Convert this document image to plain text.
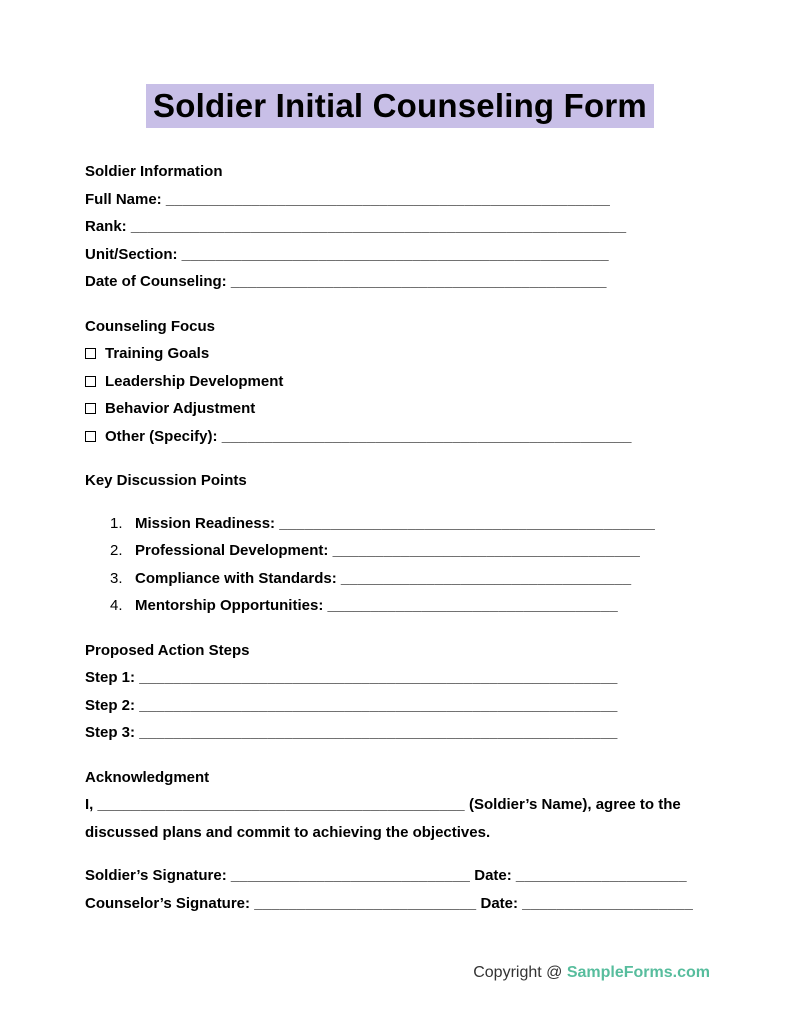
Soldier Initial Counseling Form

Soldier Information

Full Name: ____________________________________________________

Rank: __________________________________________________________

Unit/Section: __________________________________________________

Date of Counseling: ____________________________________________

Counseling Focus

Training Goals

Leadership Development

Behavior Adjustment

Other (Specify): ________________________________________________

Key Discussion Points

1. Mission Readiness: ____________________________________________

2. Professional Development: ____________________________________

3. Compliance with Standards: __________________________________

4. Mentorship Opportunities: __________________________________

Proposed Action Steps

Step 1: ________________________________________________________

Step 2: ________________________________________________________

Step 3: ________________________________________________________

Acknowledgment

I, ___________________________________________ (Soldier’s Name), agree to the discussed plans and commit to achieving the objectives.

Soldier’s Signature: ____________________________ Date: ____________________

Counselor’s Signature: __________________________ Date: ____________________

Copyright @ SampleForms.com
